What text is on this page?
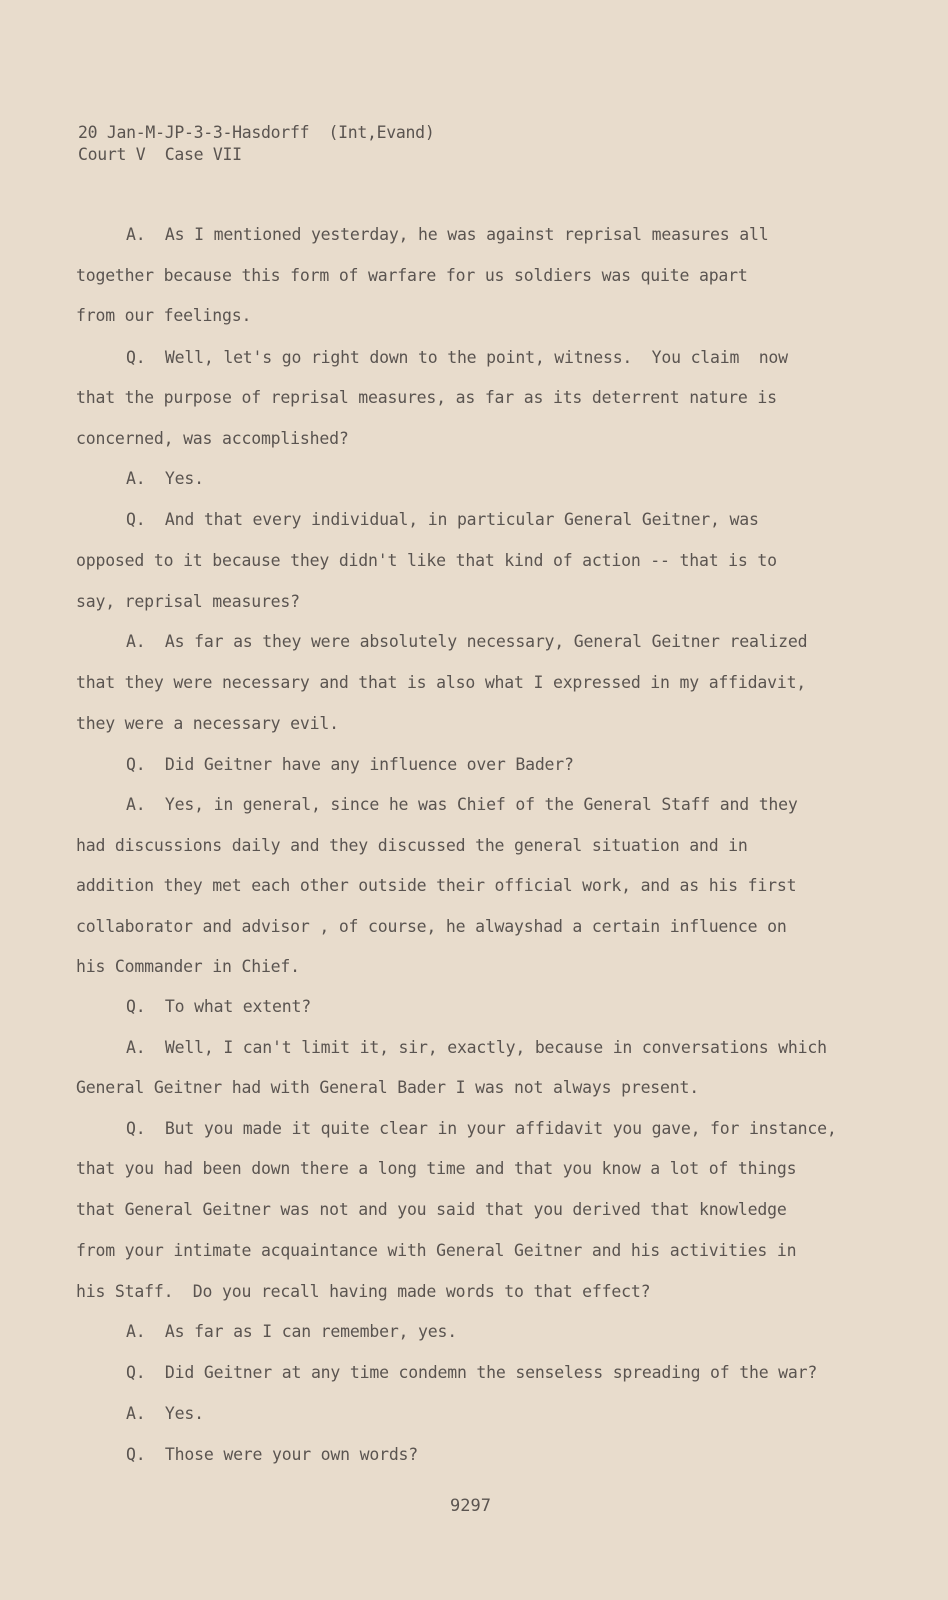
20 Jan-M-JP-3-3-Hasdorff  (Int,Evand)
Court V  Case VII
A.  As I mentioned yesterday, he was against reprisal measures all
together because this form of warfare for us soldiers was quite apart
from our feelings.
Q.  Well, let's go right down to the point, witness.  You claim  now
that the purpose of reprisal measures, as far as its deterrent nature is
concerned, was accomplished?
A.  Yes.
Q.  And that every individual, in particular General Geitner, was
opposed to it because they didn't like that kind of action -- that is to
say, reprisal measures?
A.  As far as they were absolutely necessary, General Geitner realized
that they were necessary and that is also what I expressed in my affidavit,
they were a necessary evil.
Q.  Did Geitner have any influence over Bader?
A.  Yes, in general, since he was Chief of the General Staff and they
had discussions daily and they discussed the general situation and in
addition they met each other outside their official work, and as his first
collaborator and advisor , of course, he alwayshad a certain influence on
his Commander in Chief.
Q.  To what extent?
A.  Well, I can't limit it, sir, exactly, because in conversations which
General Geitner had with General Bader I was not always present.
Q.  But you made it quite clear in your affidavit you gave, for instance,
that you had been down there a long time and that you know a lot of things
that General Geitner was not and you said that you derived that knowledge
from your intimate acquaintance with General Geitner and his activities in
his Staff.  Do you recall having made words to that effect?
A.  As far as I can remember, yes.
Q.  Did Geitner at any time condemn the senseless spreading of the war?
A.  Yes.
Q.  Those were your own words?
9297
